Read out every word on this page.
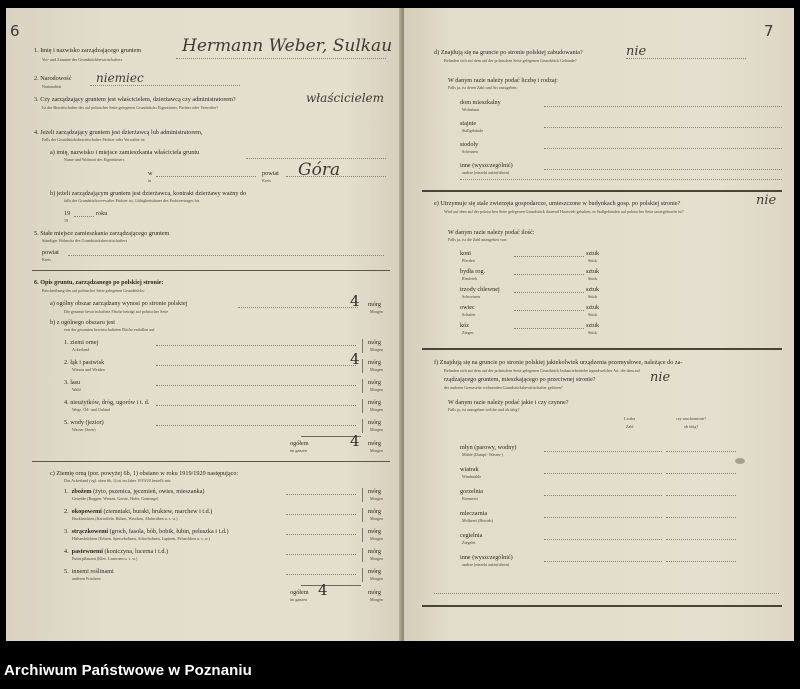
6
1. Imię i nazwisko zarządzającego gruntem
Vor- und Zuname des Grundstückbewirtschafters
Hermann Weber, Sulkau
2. Narodowość
Nationalität
niemiec
3. Czy zarządzający gruntem jest właścicielem, dzierżawcą czy administratorem?
Ist der Bewirtschafter des auf polnischer Seite gelegenen Grundstücks Eigentümer, Pächter oder Verwalter?
właścicielem
4. Jeżeli zarządzający gruntem jest dzierżawcą lub administratorem,
Falls der Grundstücksbewirtschafter Pächter oder Verwalter ist
a) imię, nazwisko i miejsce zamieszkania właściciela gruntu
Name und Wohnort des Eigentümers
w
in
powiat
Kreis
Góra
b) jeżeli zarządzającym gruntem jest dzierżawca, kontrakt dzierżawy ważny do
falls der Grundstücksverwalter Pächter ist, Gültigkeitsdauer des Pachtvertrages bis
19	roku
19
5. Stałe miejsce zamieszkania zarządzającego gruntem
Ständiger Wohnsitz des Grundstücksbewirtschafters
powiat
Kreis
6. Opis gruntu, zarządzanego po polskiej stronie:
Beschreibung des auf polnischer Seite gelegenen Grundstücks:
a) ogólny obszar zarządzany wynosi po stronie polskiej
Die gesamte bewirtschaftete Fläche beträgt auf polnischer Seite
4 mórg
Morgen
b) z ogólnego obszaru jest
von der gesamten bewirtschafteten Fläche entfallen auf
1. ziemi ornej
Ackerland
mórg
Morgen
2. łąk i pastwisk
Wiesen und Weiden
4 mórg
Morgen
3. lasu
Wald
mórg
Morgen
4. nieużytków, dróg, ugorów i t. d.
Wege, Öd- und Unland
mórg
Morgen
5. wody (jezior)
Wasser (Seen)
mórg
Morgen
ogółem
im ganzen
4 mórg
Morgen
c) Ziemię orną (por. powyżej 6b, 1) obsiano w roku 1919/1920 następująco:
Das Ackerland (vgl. oben 6b, 1) ist im Jahre 1919/20 bestellt mit:
1. zbożem (żyto, pszenica, jęczmień, owies, mieszanka)
Getreide (Roggen, Weizen, Gerste, Hafer, Gemenge)
mórg
Morgen
2. okopowemi (ziemniaki, buraki, brukiew, marchew i t.d.)
Hackfrüchten (Kartoffeln, Rüben, Wrucken, Mohrrüben u. s. w.)
mórg
Morgen
3. strączkowemi (groch, fasola, bób, bobik, łubin, peluszka i t.d.)
Hülsenfrüchten (Erbsen, Speisebohnen, Ackerbohnen, Lupinen, Peluschken u. s. w.)
mórg
Morgen
4. pastewnemi (koniczyna, lucerna i t.d.)
Futterpflanzen (Klee, Luzernen u. s. w.)
mórg
Morgen
5. innemi roślinami
anderen Früchten
mórg
Morgen
ogółem
im ganzen
4	mórg
Morgen
7
d) Znajdują się na gruncie po stronie polskiej zabudowania?
Befinden sich auf dem auf der polnischen Seite gelegenen Grundstück Gebäude?
nie
W danym razie należy podać liczbę i rodzaj:
Falls ja, ist deren Zahl und Art anzugeben:
dom mieszkalny
Wohnhaus
stajnie
Stallgebäude
stodoły
Scheunen
inne (wyszczególnić)
andere (einzeln aufzuführen)
e) Utrzymuje się stale zwierzęta gospodarcze, umieszczone w budynkach gosp. po polskiej stronie?
Wird auf dem auf der polnischen Seite gelegenen Grundstück dauernd Hausvieh gehalten, in Stallgebäuden auf polnischer Seite untergebracht ist?
nie
W danym razie należy podać ilość:
Falls ja, ist die Zahl anzugeben von:
koni
Pferden
sztuk
Stück
bydła rog.
Rindvieh
sztuk
Stück
trzody chlewnej
Schweinen
sztuk
Stück
owiec
Schafen
sztuk
Stück
kóz
Ziegen
sztuk
Stück
f) Znajdują się na gruncie po stronie polskiej jakiekolwiek urządzenia przemysłowe, należące do za-
Befinden sich auf dem auf der polnischen Seite gelegenen Grundstück Industriebetriebe irgendwelcher Art, die dem auf
rządzającego gruntem, mieszkającego po przeciwnej stronie?
der anderen Grenzseite wohnenden Grundstücksbewirtschafter gehören?
nie
W danym razie należy podać jakie i czy czynne?
Falls ja, ist anzugeben welche und ob tätig?
Liczba
Zahl
czy uruchomione?
ob tätig?
młyn (parowy, wodny)
Mühle (Dampf- Wasser-)
wiatrak
Windmühle
gorzelnia
Brennerei
mleczarnia
Molkerei (Betrieb)
cegielnia
Ziegelei
inne (wyszczególnić)
andere (einzeln aufzuführen)
Archiwum Państwowe w Poznaniu
